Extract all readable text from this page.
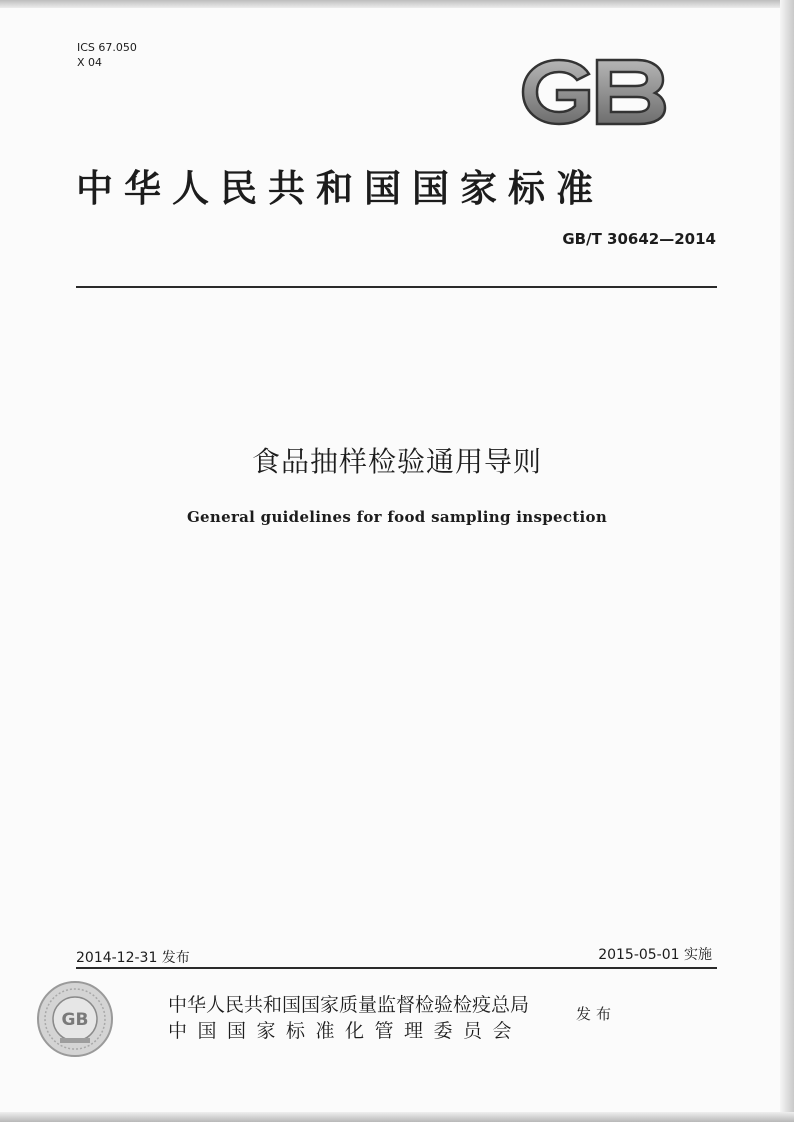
ICS 67.050
X 04
中华人民共和国国家标准
GB/T 30642—2014
食品抽样检验通用导则
General guidelines for food sampling inspection
2014-12-31 发布	2015-05-01 实施
GB
中华人民共和国国家质量监督检验检疫总局
中国国家标准化管理委员会
发布
